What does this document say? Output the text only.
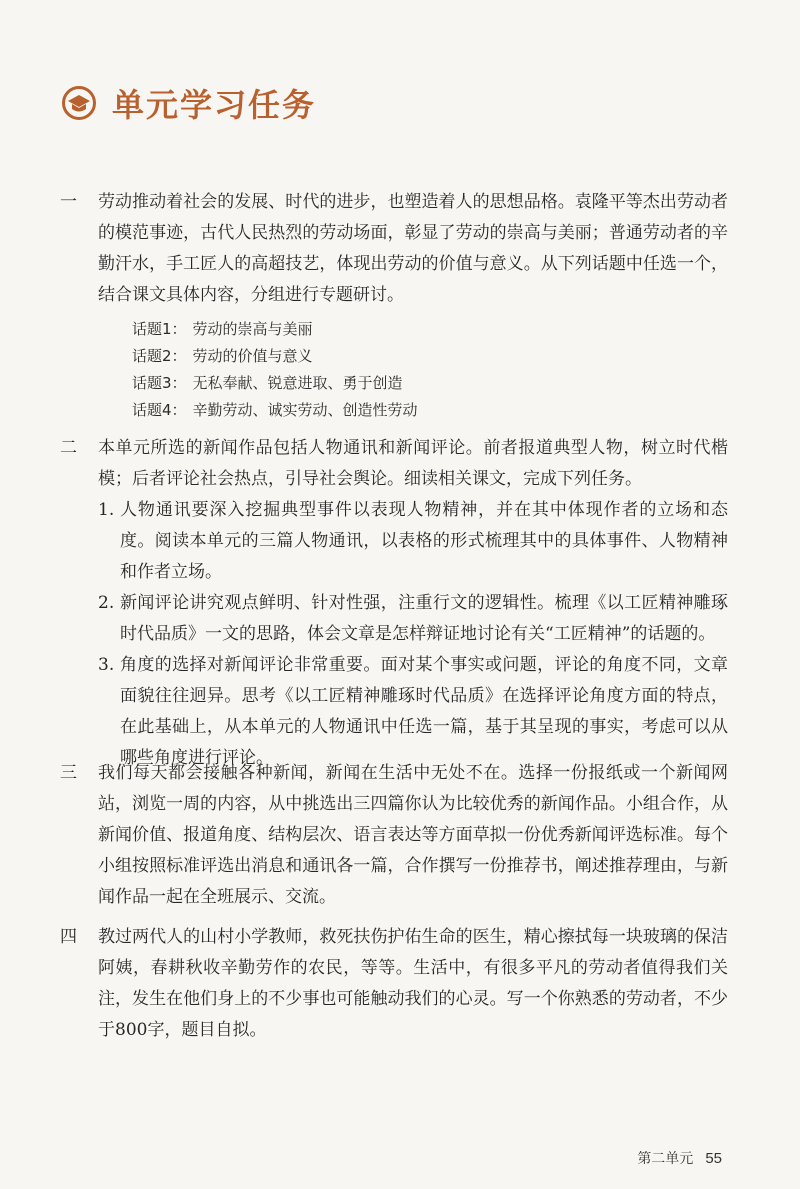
单元学习任务
一	劳动推动着社会的发展、时代的进步，也塑造着人的思想品格。袁隆平等杰出劳动者的模范事迹，古代人民热烈的劳动场面，彰显了劳动的崇高与美丽；普通劳动者的辛勤汗水，手工匠人的高超技艺，体现出劳动的价值与意义。从下列话题中任选一个，结合课文具体内容，分组进行专题研讨。
话题1： 劳动的崇高与美丽
话题2： 劳动的价值与意义
话题3： 无私奉献、锐意进取、勇于创造
话题4： 辛勤劳动、诚实劳动、创造性劳动
二	本单元所选的新闻作品包括人物通讯和新闻评论。前者报道典型人物，树立时代楷模；后者评论社会热点，引导社会舆论。细读相关课文，完成下列任务。
1. 人物通讯要深入挖掘典型事件以表现人物精神，并在其中体现作者的立场和态度。阅读本单元的三篇人物通讯，以表格的形式梳理其中的具体事件、人物精神和作者立场。
2. 新闻评论讲究观点鲜明、针对性强，注重行文的逻辑性。梳理《以工匠精神雕琢时代品质》一文的思路，体会文章是怎样辩证地讨论有关“工匠精神”的话题的。
3. 角度的选择对新闻评论非常重要。面对某个事实或问题，评论的角度不同，文章面貌往往迥异。思考《以工匠精神雕琢时代品质》在选择评论角度方面的特点，在此基础上，从本单元的人物通讯中任选一篇，基于其呈现的事实，考虑可以从哪些角度进行评论。
三	我们每天都会接触各种新闻，新闻在生活中无处不在。选择一份报纸或一个新闻网站，浏览一周的内容，从中挑选出三四篇你认为比较优秀的新闻作品。小组合作，从新闻价值、报道角度、结构层次、语言表达等方面草拟一份优秀新闻评选标准。每个小组按照标准评选出消息和通讯各一篇，合作撰写一份推荐书，阐述推荐理由，与新闻作品一起在全班展示、交流。
四	教过两代人的山村小学教师，救死扶伤护佑生命的医生，精心擦拭每一块玻璃的保洁阿姨，春耕秋收辛勤劳作的农民，等等。生活中，有很多平凡的劳动者值得我们关注，发生在他们身上的不少事也可能触动我们的心灵。写一个你熟悉的劳动者，不少于800字，题目自拟。
第二单元 55
